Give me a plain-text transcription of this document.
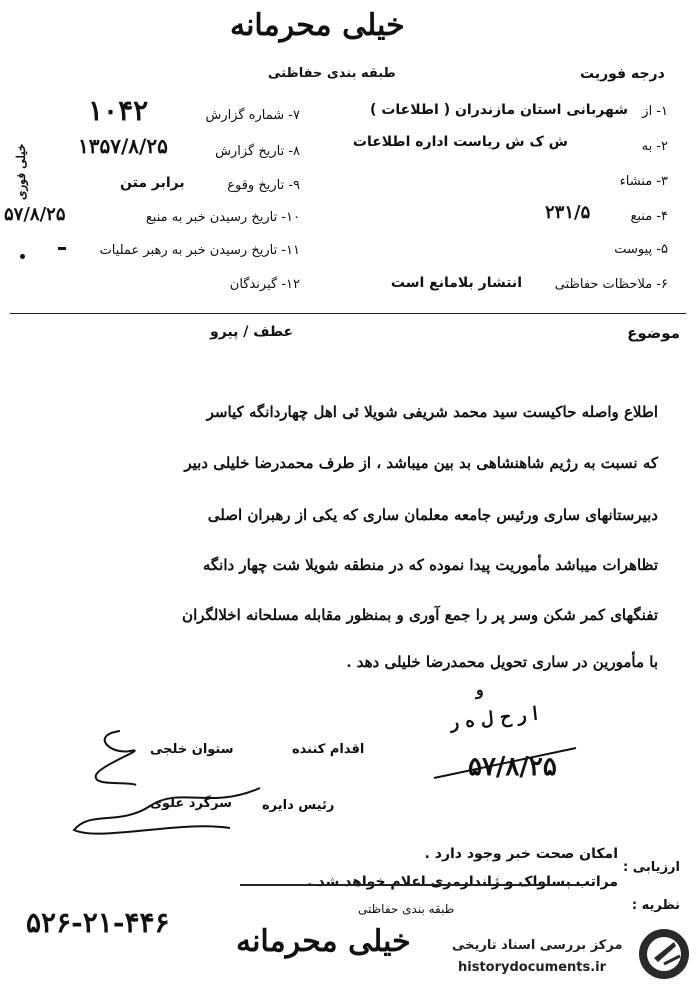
خیلی محرمانه
طبقه بندی حفاظتی	درجه فوریت
۱- از
شهربانی استان مازندران ( اطلاعات )
۲- به
ش ک ش ریاست اداره اطلاعات
۳- منشاء
۴- منبع
۲۳۱/۵
۵- پیوست
۶- ملاحظات حفاظتی
انتشار بلامانع است
۷- شماره گزارش
۱۰۴۲
۸- تاریخ گزارش
۱۳۵۷/۸/۲۵
۹- تاریخ وقوع
برابر متن
۱۰- تاریخ رسیدن خبر به منبع
۵۷/۸/۲۵
۱۱- تاریخ رسیدن خبر به رهبر عملیات
۱۲- گیرندگان
خیلی فوری
موضوع
عطف / پیرو
اطلاع واصله حاکیست سید محمد شریفی شویلا ئی اهل چهاردانگه کیاسر
که نسبت به رژیم شاهنشاهی بد بین میباشد ، از طرف محمدرضا خلیلی دبیر
دبیرستانهای ساری ورئیس جامعه معلمان ساری که یکی از رهبران اصلی
تظاهرات میباشد مأموریت پیدا نموده که در منطقه شویلا شت چهار دانگه
تفنگهای کمر شکن وسر پر را جمع آوری و بمنظور مقابله مسلحانه اخلالگران
با مأمورین در ساری تحویل محمدرضا خلیلی دهد .
و
ا ر ح ل ه ر
۵۷/۸/۲۵
اقدام کننده
ستوان خلجی
رئیس دایره
سرگرد علوی
ارزیابی :
امکان صحت خبر وجود دارد .
نظریه :
مراتب بساواک و ژاندارمری اعلام خواهد شد .
۵۲۶-۲۱-۴۴۶	طبقه بندی حفاظتی
خیلی محرمانه	مرکز بررسی اسناد تاریخی
historydocuments.ir
